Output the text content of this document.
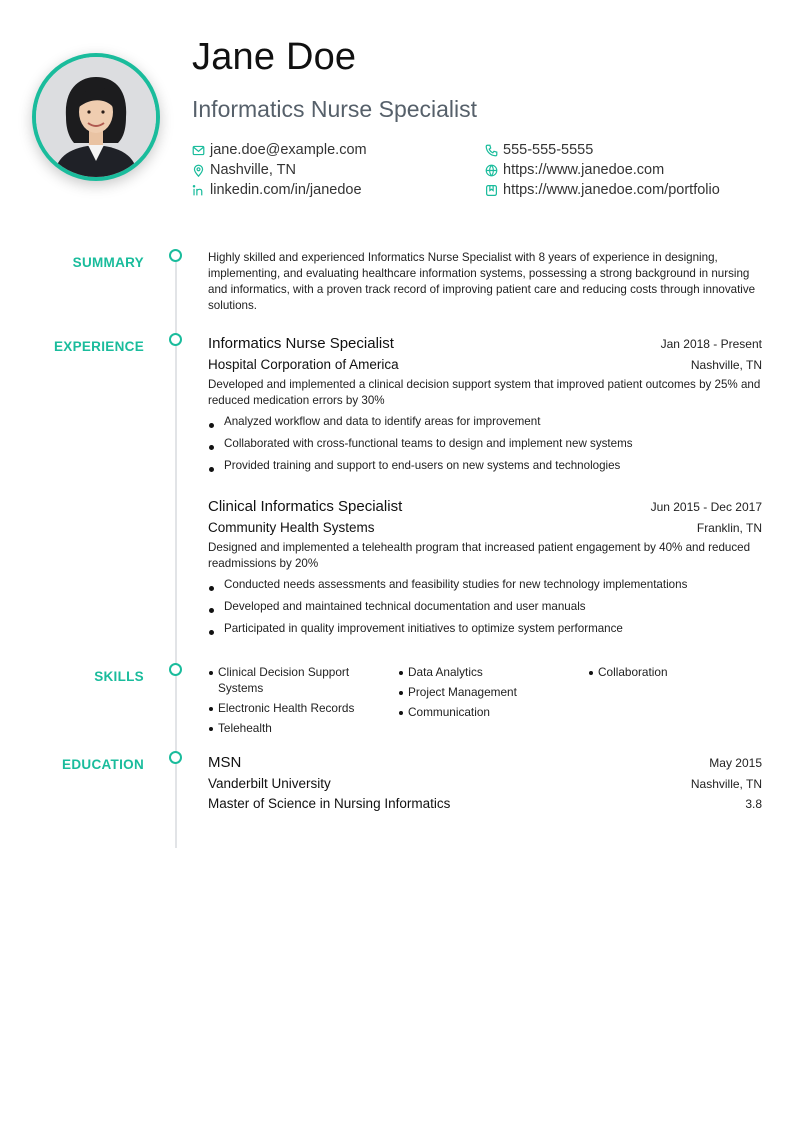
Jane Doe
Informatics Nurse Specialist
jane.doe@example.com
Nashville, TN
linkedin.com/in/janedoe
555-555-5555
https://www.janedoe.com
https://www.janedoe.com/portfolio
SUMMARY
EXPERIENCE
SKILLS
EDUCATION
Highly skilled and experienced Informatics Nurse Specialist with 8 years of experience in designing, implementing, and evaluating healthcare information systems, possessing a strong background in nursing and informatics, with a proven track record of improving patient care and reducing costs through innovative solutions.
Informatics Nurse Specialist	Jan 2018 - Present
Hospital Corporation of America	Nashville, TN
Developed and implemented a clinical decision support system that improved patient outcomes by 25% and reduced medication errors by 30%
Analyzed workflow and data to identify areas for improvement
Collaborated with cross-functional teams to design and implement new systems
Provided training and support to end-users on new systems and technologies
Clinical Informatics Specialist	Jun 2015 - Dec 2017
Community Health Systems	Franklin, TN
Designed and implemented a telehealth program that increased patient engagement by 40% and reduced readmissions by 20%
Conducted needs assessments and feasibility studies for new technology implementations
Developed and maintained technical documentation and user manuals
Participated in quality improvement initiatives to optimize system performance
Clinical Decision Support Systems
Electronic Health Records
Telehealth
Data Analytics
Project Management
Communication
Collaboration
MSN	May 2015
Vanderbilt University	Nashville, TN
Master of Science in Nursing Informatics	3.8
